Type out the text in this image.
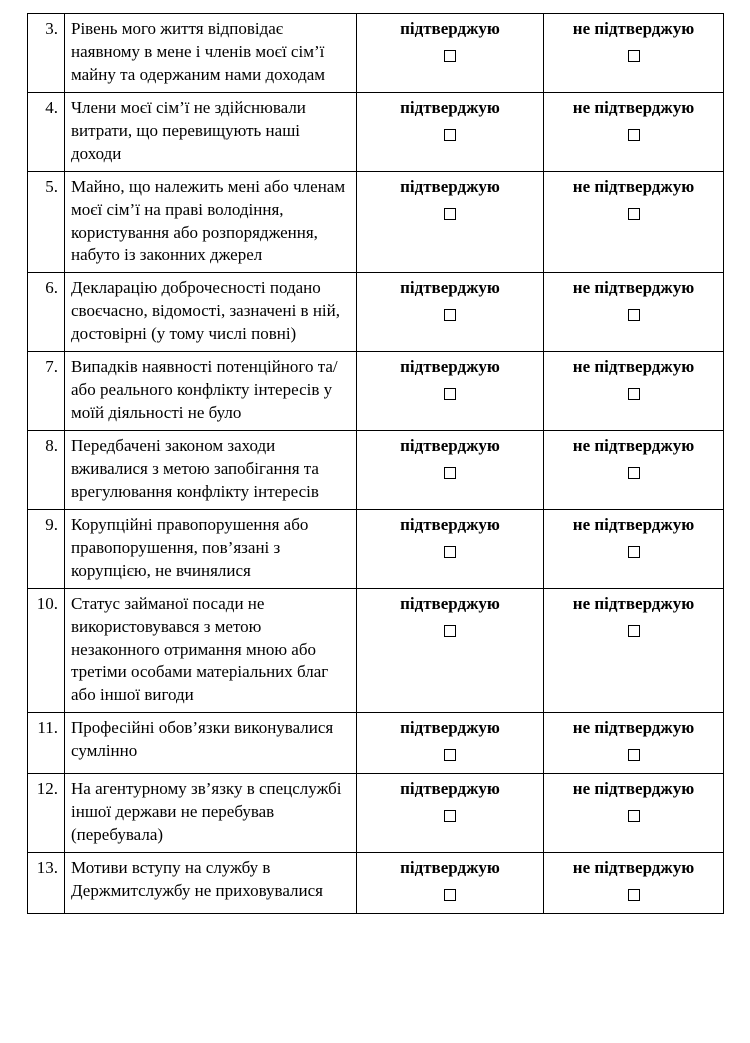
3.	Рівень мого життя відповідає наявному в мене і членів моєї сім’ї майну та одержаним нами доходам	підтверджую	не підтверджую

4.	Члени моєї сім’ї не здійснювали витрати, що перевищують наші доходи	підтверджую	не підтверджую

5.	Майно, що належить мені або членам моєї сім’ї на праві володіння, користування або розпорядження, набуто із законних джерел	підтверджую	не підтверджую

6.	Декларацію доброчесності подано своєчасно, відомості, зазначені в ній, достовірні (у тому числі повні)	підтверджую	не підтверджую

7.	Випадків наявності потенційного та/або реального конфлікту інтересів у моїй діяльності не було	підтверджую	не підтверджую

8.	Передбачені законом заходи вживалися з метою запобігання та врегулювання конфлікту інтересів	підтверджую	не підтверджую

9.	Корупційні правопорушення або правопорушення, пов’язані з корупцією, не вчинялися	підтверджую	не підтверджую

10.	Статус займаної посади не використовувався з метою незаконного отримання мною або третіми особами матеріальних благ або іншої вигоди	підтверджую	не підтверджую

11.	Професійні обов’язки виконувалися сумлінно	підтверджую	не підтверджую

12.	На агентурному зв’язку в спецслужбі іншої держави не перебував (перебувала)	підтверджую	не підтверджую

13.	Мотиви вступу на службу в Держмитслужбу не приховувалися	підтверджую	не підтверджую
